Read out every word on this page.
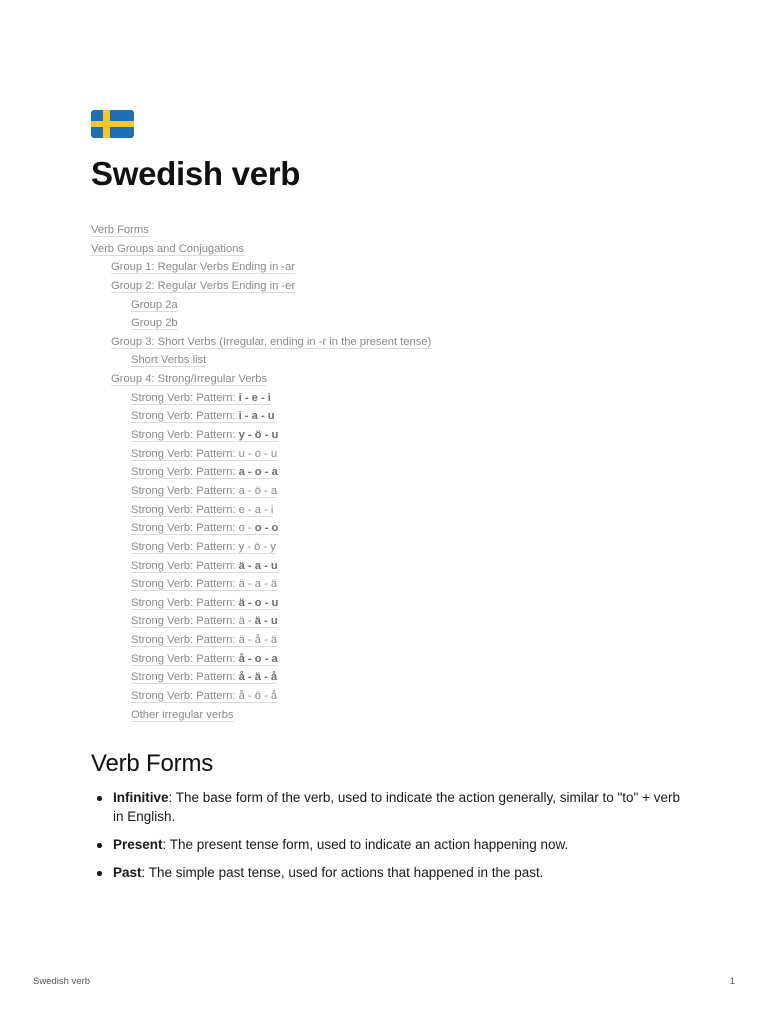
Swedish verb
Verb Forms
Verb Groups and Conjugations
Group 1: Regular Verbs Ending in -ar
Group 2: Regular Verbs Ending in -er
Group 2a
Group 2b
Group 3: Short Verbs (Irregular, ending in -r in the present tense)
Short Verbs list
Group 4: Strong/Irregular Verbs
Strong Verb: Pattern: i - e - i
Strong Verb: Pattern: i - a - u
Strong Verb: Pattern: y - ö - u
Strong Verb: Pattern: u - o - u
Strong Verb: Pattern: a - o - a
Strong Verb: Pattern: a - ö - a
Strong Verb: Pattern: e - a - i
Strong Verb: Pattern: o - o - o
Strong Verb: Pattern: y - ö - y
Strong Verb: Pattern: ä - a - u
Strong Verb: Pattern: ä - a - ä
Strong Verb: Pattern: ä - o - u
Strong Verb: Pattern: ä - ä - u
Strong Verb: Pattern: ä - å - ä
Strong Verb: Pattern: å - o - a
Strong Verb: Pattern: å - ä - å
Strong Verb: Pattern: å - ö - å
Other irregular verbs
Verb Forms
Infinitive: The base form of the verb, used to indicate the action generally, similar to "to" + verb in English.
Present: The present tense form, used to indicate an action happening now.
Past: The simple past tense, used for actions that happened in the past.
Swedish verb	1
